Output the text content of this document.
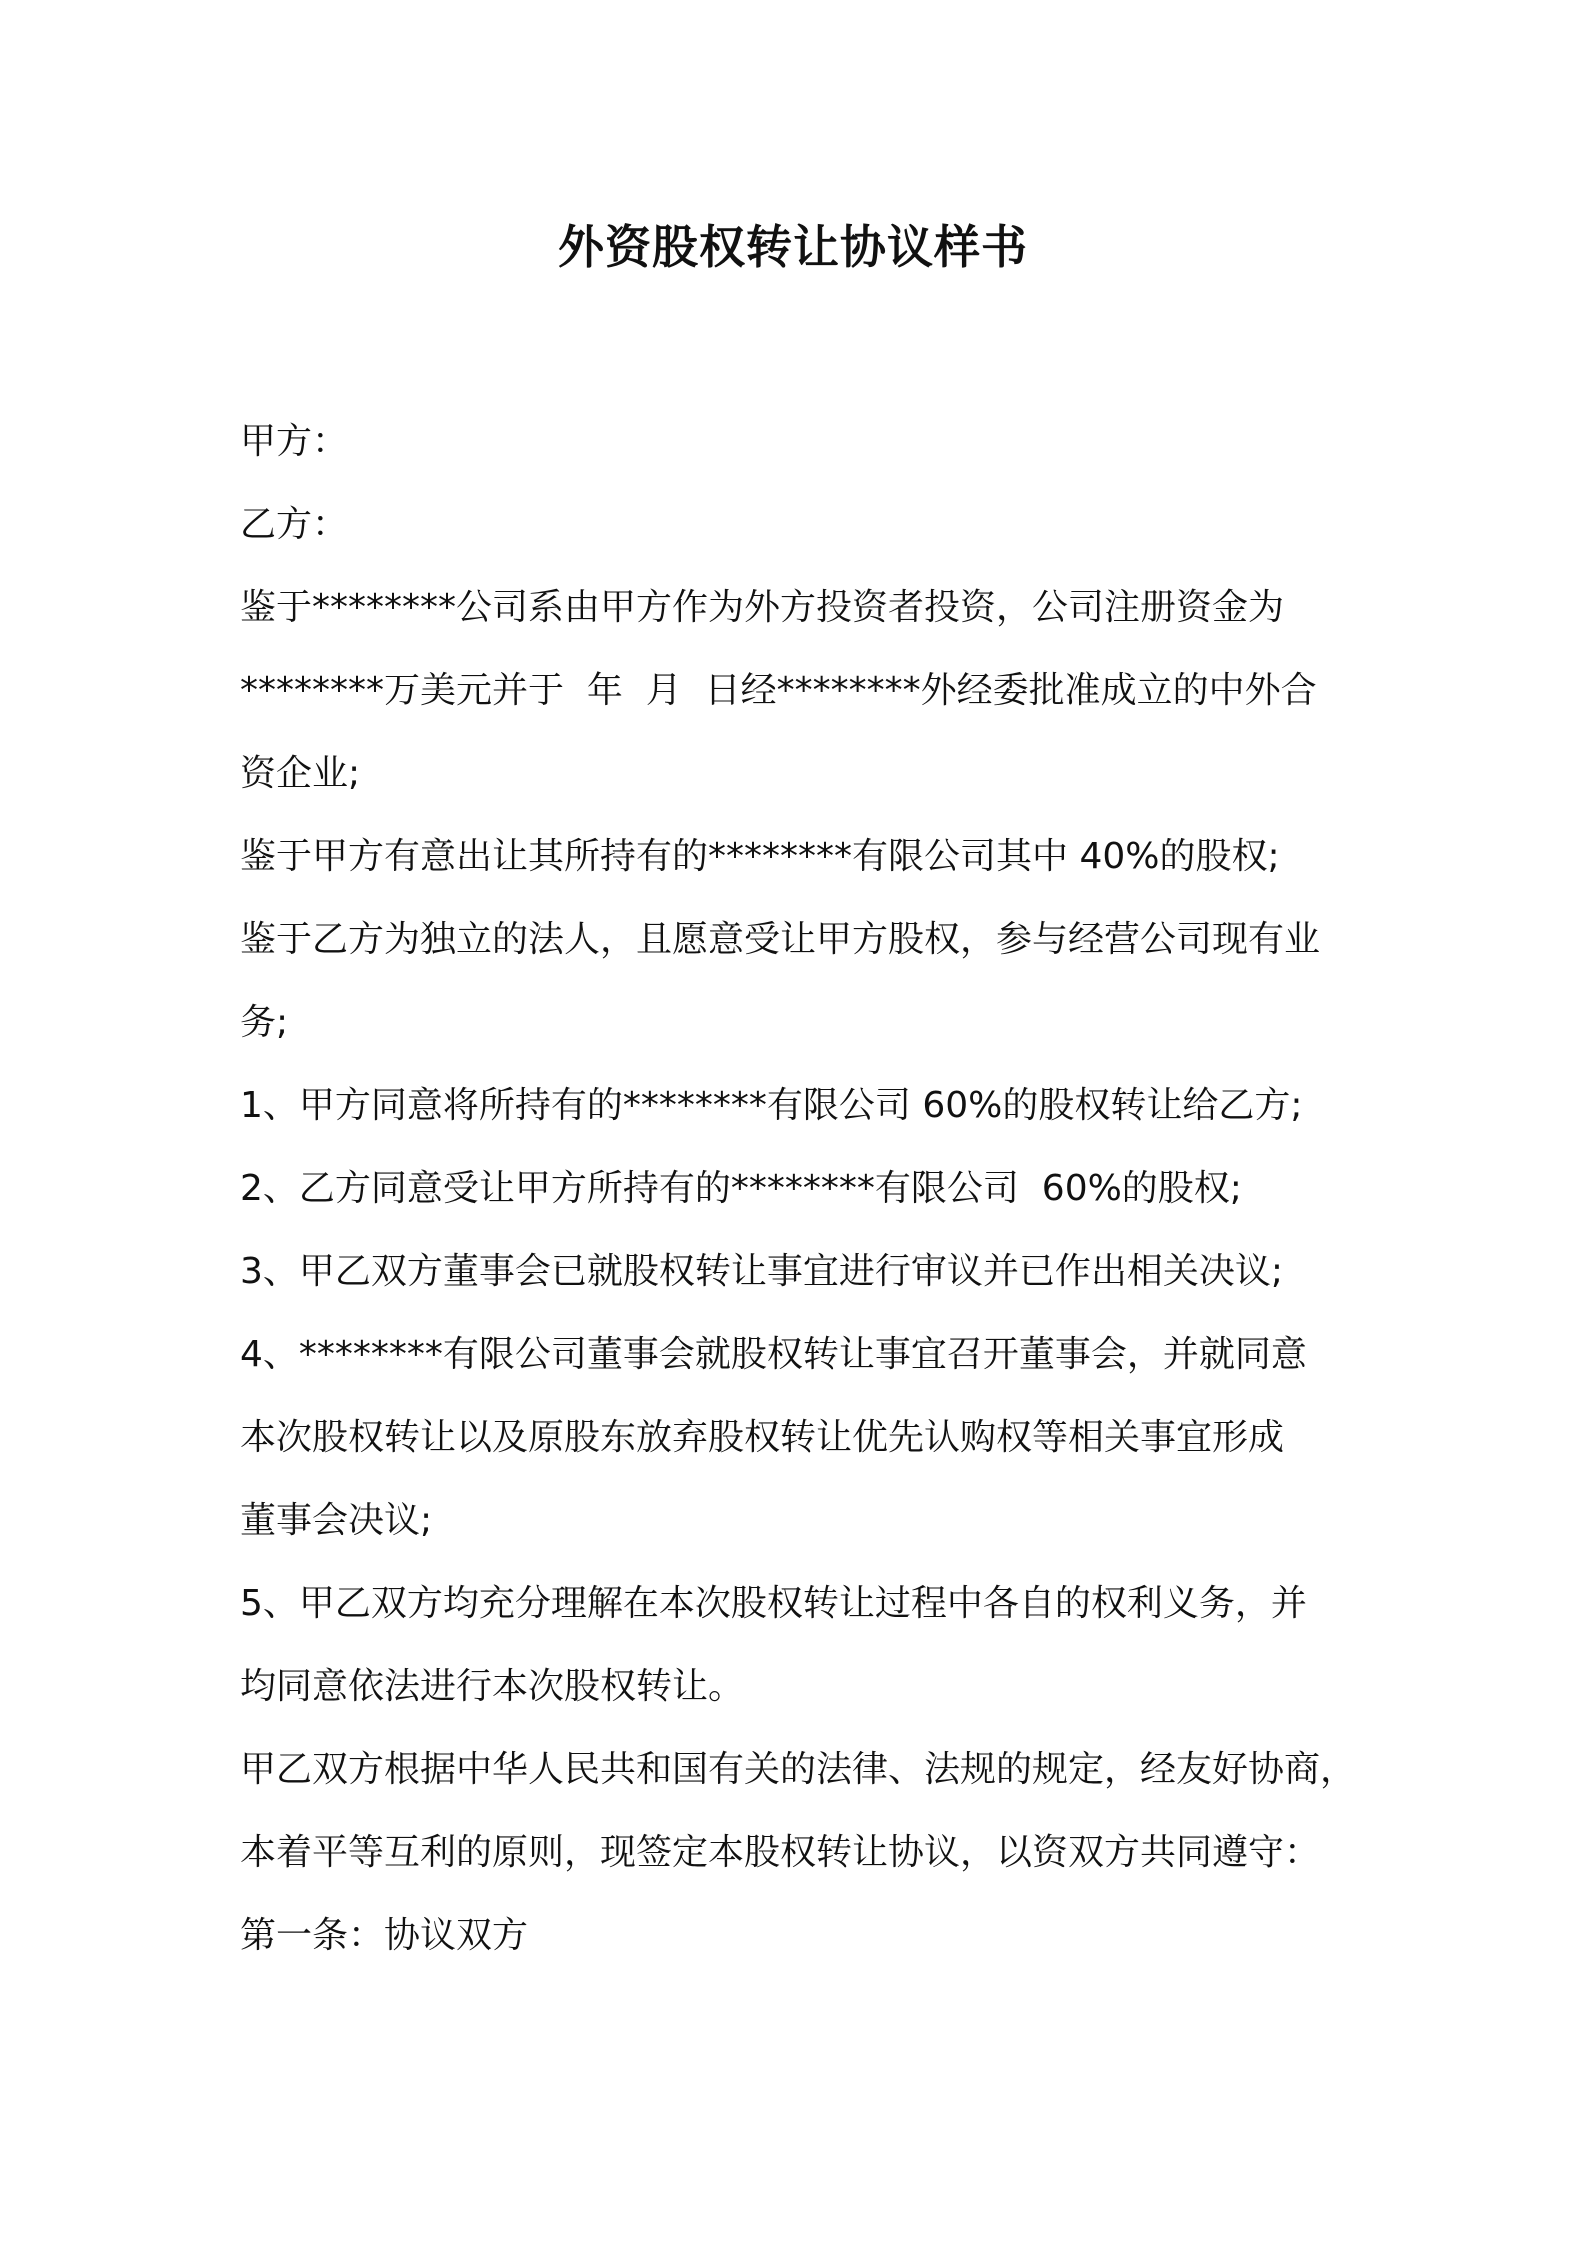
外资股权转让协议样书
甲方：
乙方：
鉴于********公司系由甲方作为外方投资者投资，公司注册资金为
********万美元并于  年  月  日经********外经委批准成立的中外合
资企业;
鉴于甲方有意出让其所持有的********有限公司其中 40%的股权;
鉴于乙方为独立的法人，且愿意受让甲方股权，参与经营公司现有业
务;
1、甲方同意将所持有的********有限公司 60%的股权转让给乙方;
2、乙方同意受让甲方所持有的********有限公司  60%的股权;
3、甲乙双方董事会已就股权转让事宜进行审议并已作出相关决议;
4、********有限公司董事会就股权转让事宜召开董事会，并就同意
本次股权转让以及原股东放弃股权转让优先认购权等相关事宜形成
董事会决议;
5、甲乙双方均充分理解在本次股权转让过程中各自的权利义务，并
均同意依法进行本次股权转让。
甲乙双方根据中华人民共和国有关的法律、法规的规定，经友好协商，
本着平等互利的原则，现签定本股权转让协议，以资双方共同遵守：
第一条：协议双方
